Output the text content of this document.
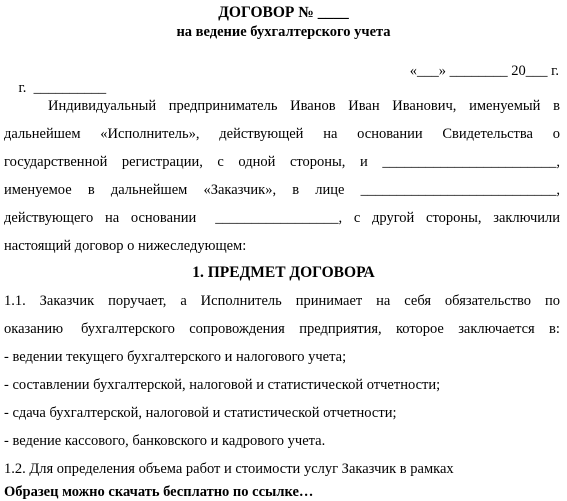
ДОГОВОР № ____
на ведение бухгалтерского учета

г.  __________

«___» ________ 20___ г.

Индивидуальный предприниматель Иванов Иван Иванович, именуемый в
дальнейшем «Исполнитель», действующей на основании Свидетельства о
государственной регистрации, с одной стороны, и ________________________,
именуемое в дальнейшем «Заказчик», в лице ___________________________,
действующего на основании _________________, с другой стороны, заключили
настоящий договор о нижеследующем:
1. ПРЕДМЕТ ДОГОВОРА
1.1. Заказчик поручает, а Исполнитель принимает на себя обязательство по
оказанию бухгалтерского сопровождения предприятия, которое заключается в:
- ведении текущего бухгалтерского и налогового учета;
- составлении бухгалтерской, налоговой и статистической отчетности;
- сдача бухгалтерской, налоговой и статистической отчетности;
- ведение кассового, банковского и кадрового учета.
1.2. Для определения объема работ и стоимости услуг Заказчик в рамках
Образец можно скачать бесплатно по ссылке…
